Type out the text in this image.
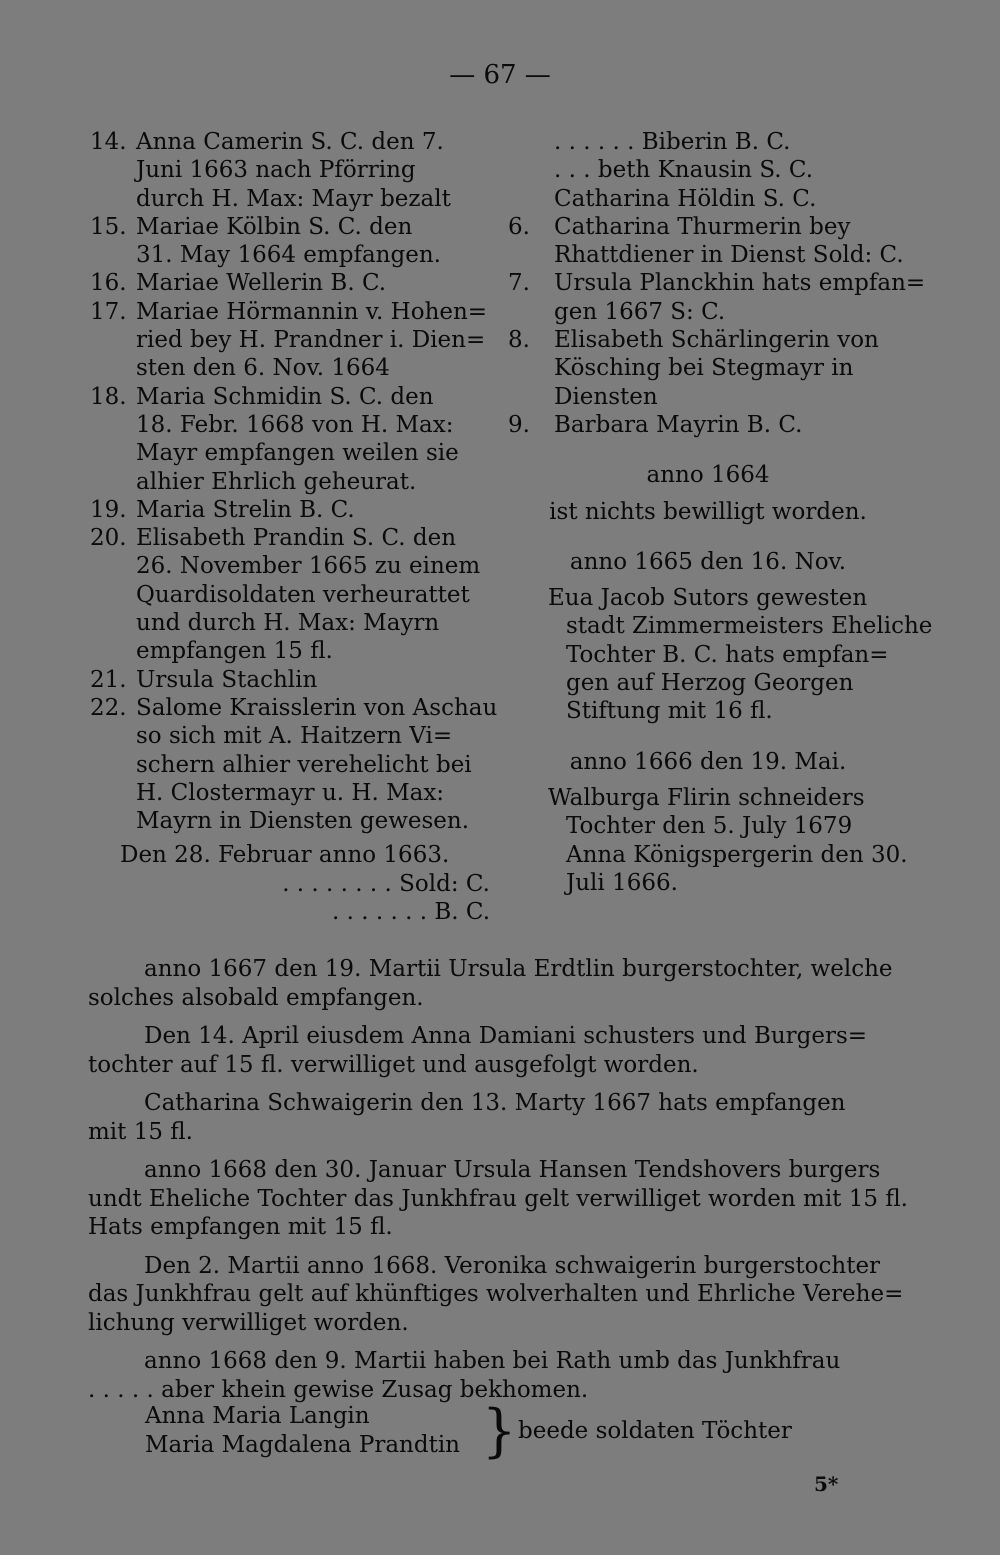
— 67 —
14. Anna Camerin S. C. den 7.
Juni 1663 nach Pförring
durch H. Max: Mayr bezalt
15. Mariae Kölbin S. C. den
31. May 1664 empfangen.
16. Mariae Wellerin B. C.
17. Mariae Hörmannin v. Hohen=
ried bey H. Prandner i. Dien=
sten den 6. Nov. 1664
18. Maria Schmidin S. C. den
18. Febr. 1668 von H. Max:
Mayr empfangen weilen sie
alhier Ehrlich geheurat.
19. Maria Strelin B. C.
20. Elisabeth Prandin S. C. den
26. November 1665 zu einem
Quardisoldaten verheurattet
und durch H. Max: Mayrn
empfangen 15 fl.
21. Ursula Stachlin
22. Salome Kraisslerin von Aschau
so sich mit A. Haitzern Vi=
schern alhier verehelicht bei
H. Clostermayr u. H. Max:
Mayrn in Diensten gewesen.
Den 28. Februar anno 1663.
. . . . . . . . Sold: C.
. . . . . . . B. C.
. . . . . . Biberin B. C.
. . . beth Knausin S. C.
Catharina Höldin S. C.
6. Catharina Thurmerin bey
Rhattdiener in Dienst Sold: C.
7. Ursula Planckhin hats empfan=
gen 1667 S: C.
8. Elisabeth Schärlingerin von
Kösching bei Stegmayr in
Diensten
9. Barbara Mayrin B. C.
anno 1664
ist nichts bewilligt worden.
anno 1665 den 16. Nov.
Eua Jacob Sutors gewesten
stadt Zimmermeisters Eheliche
Tochter B. C. hats empfan=
gen auf Herzog Georgen
Stiftung mit 16 fl.
anno 1666 den 19. Mai.
Walburga Flirin schneiders
Tochter den 5. July 1679
Anna Königspergerin den 30.
Juli 1666.
anno 1667 den 19. Martii Ursula Erdtlin burgerstochter, welche
solches alsobald empfangen.
Den 14. April eiusdem Anna Damiani schusters und Burgers=
tochter auf 15 fl. verwilliget und ausgefolgt worden.
Catharina Schwaigerin den 13. Marty 1667 hats empfangen
mit 15 fl.
anno 1668 den 30. Januar Ursula Hansen Tendshovers burgers
undt Eheliche Tochter das Junkhfrau gelt verwilliget worden mit 15 fl.
Hats empfangen mit 15 fl.
Den 2. Martii anno 1668. Veronika schwaigerin burgerstochter
das Junkhfrau gelt auf khünftiges wolverhalten und Ehrliche Verehe=
lichung verwilliget worden.
anno 1668 den 9. Martii haben bei Rath umb das Junkhfrau
. . . . . aber khein gewise Zusag bekhomen.
Anna Maria Langin
Maria Magdalena Prandtin } beede soldaten Töchter
5*
